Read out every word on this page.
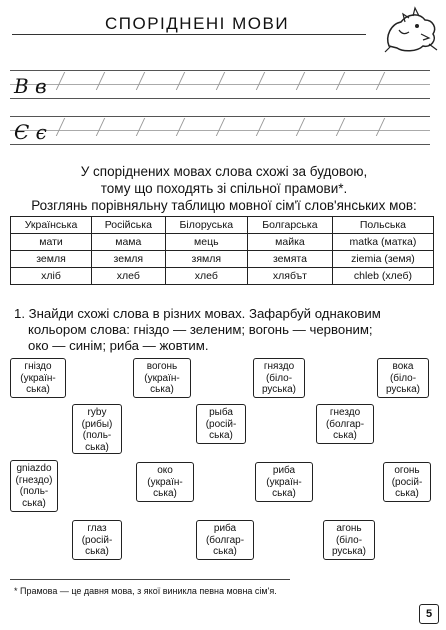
СПОРІДНЕНІ МОВИ
В в
Є є
У споріднених мовах слова схожі за будовою,
тому що походять зі спільної прамови*.
Розглянь порівняльну таблицю мовної сім'ї слов'янських мов:
Українська	Російська	Білоруська	Болгарська	Польська
мати	мама	мець	майка	matka (матка)
земля	земля	зямля	земята	ziemia (земя)
хліб	хлеб	хлеб	хлябът	chleb (хлеб)
1. Знайди схожі слова в різних мовах. Зафарбуй однаковим
кольором слова: гніздо — зеленим; вогонь — червоним;
око — синім; риба — жовтим.
гніздо
(україн-
ська)
вогонь
(україн-
ська)
гняздо
(біло-
руська)
вока
(біло-
руська)
ryby
(рибы)
(поль-
ська)
рыба
(росій-
ська)
гнездо
(болгар-
ська)
gniazdo
(гнездо)
(поль-
ська)
око
(україн-
ська)
риба
(україн-
ська)
огонь
(росій-
ська)
глаз
(росій-
ська)
риба
(болгар-
ська)
агонь
(біло-
руська)
* Прамова — це давня мова, з якої виникла певна мовна сім'я.
5
